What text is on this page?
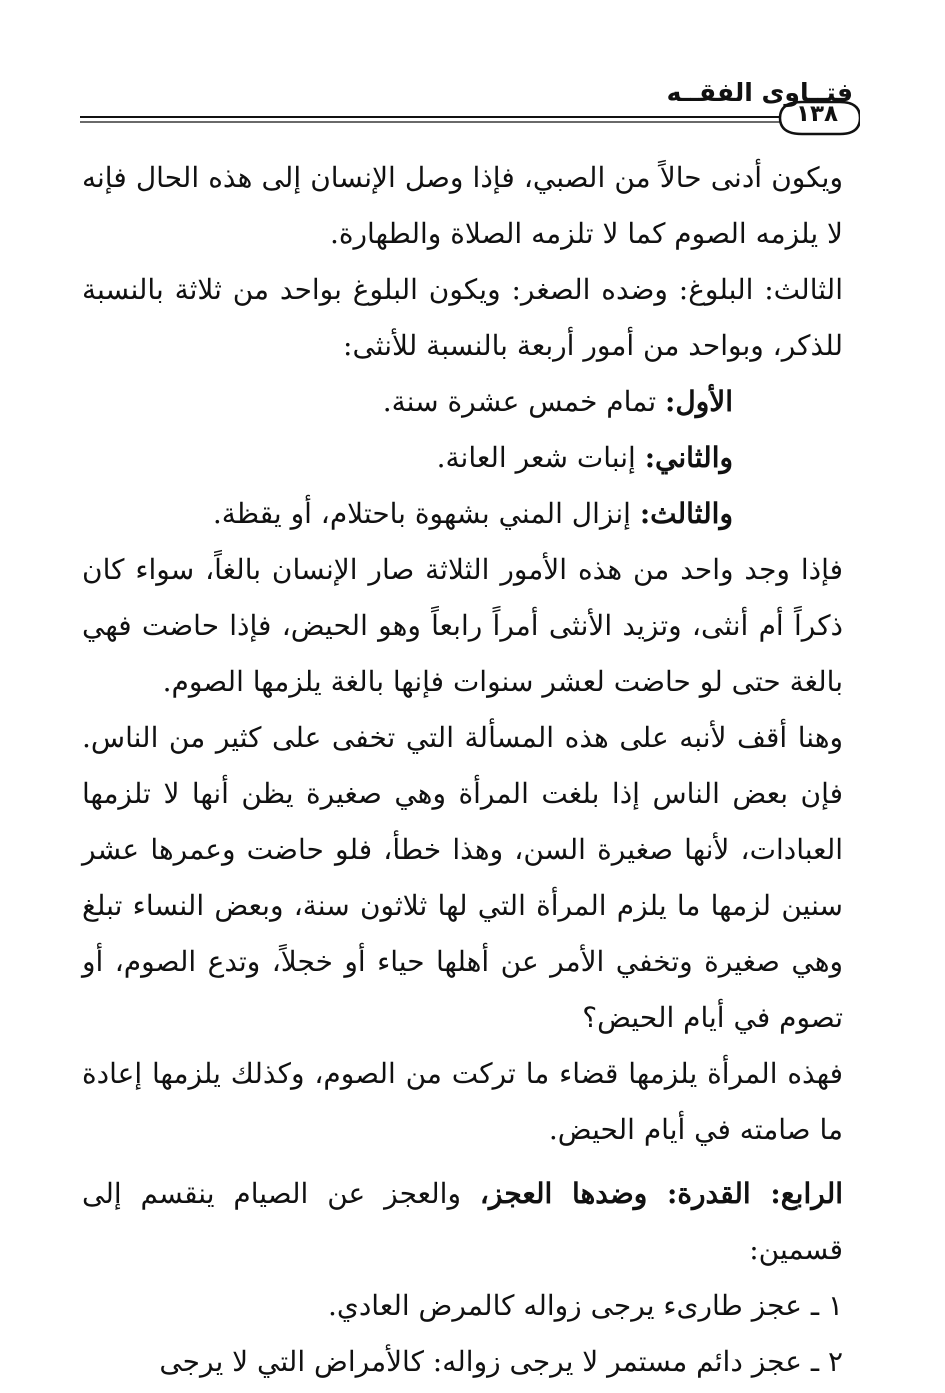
فتــاوى الفقــه
١٣٨

ويكون أدنى حالاً من الصبي، فإذا وصل الإنسان إلى هذه الحال فإنه لا يلزمه الصوم كما لا تلزمه الصلاة والطهارة.

الثالث: البلوغ: وضده الصغر: ويكون البلوغ بواحد من ثلاثة بالنسبة للذكر، وبواحد من أمور أربعة بالنسبة للأنثى:

الأول: تمام خمس عشرة سنة.

والثاني: إنبات شعر العانة.

والثالث: إنزال المني بشهوة باحتلام، أو يقظة.

فإذا وجد واحد من هذه الأمور الثلاثة صار الإنسان بالغاً، سواء كان ذكراً أم أنثى، وتزيد الأنثى أمراً رابعاً وهو الحيض، فإذا حاضت فهي بالغة حتى لو حاضت لعشر سنوات فإنها بالغة يلزمها الصوم.

وهنا أقف لأنبه على هذه المسألة التي تخفى على كثير من الناس. فإن بعض الناس إذا بلغت المرأة وهي صغيرة يظن أنها لا تلزمها العبادات، لأنها صغيرة السن، وهذا خطأ، فلو حاضت وعمرها عشر سنين لزمها ما يلزم المرأة التي لها ثلاثون سنة، وبعض النساء تبلغ وهي صغيرة وتخفي الأمر عن أهلها حياء أو خجلاً، وتدع الصوم، أو تصوم في أيام الحيض؟

فهذه المرأة يلزمها قضاء ما تركت من الصوم، وكذلك يلزمها إعادة ما صامته في أيام الحيض.

الرابع: القدرة: وضدها العجز، والعجز عن الصيام ينقسم إلى قسمين:

١ ـ عجز طارىء يرجى زواله كالمرض العادي.

٢ ـ عجز دائم مستمر لا يرجى زواله: كالأمراض التي لا يرجى
